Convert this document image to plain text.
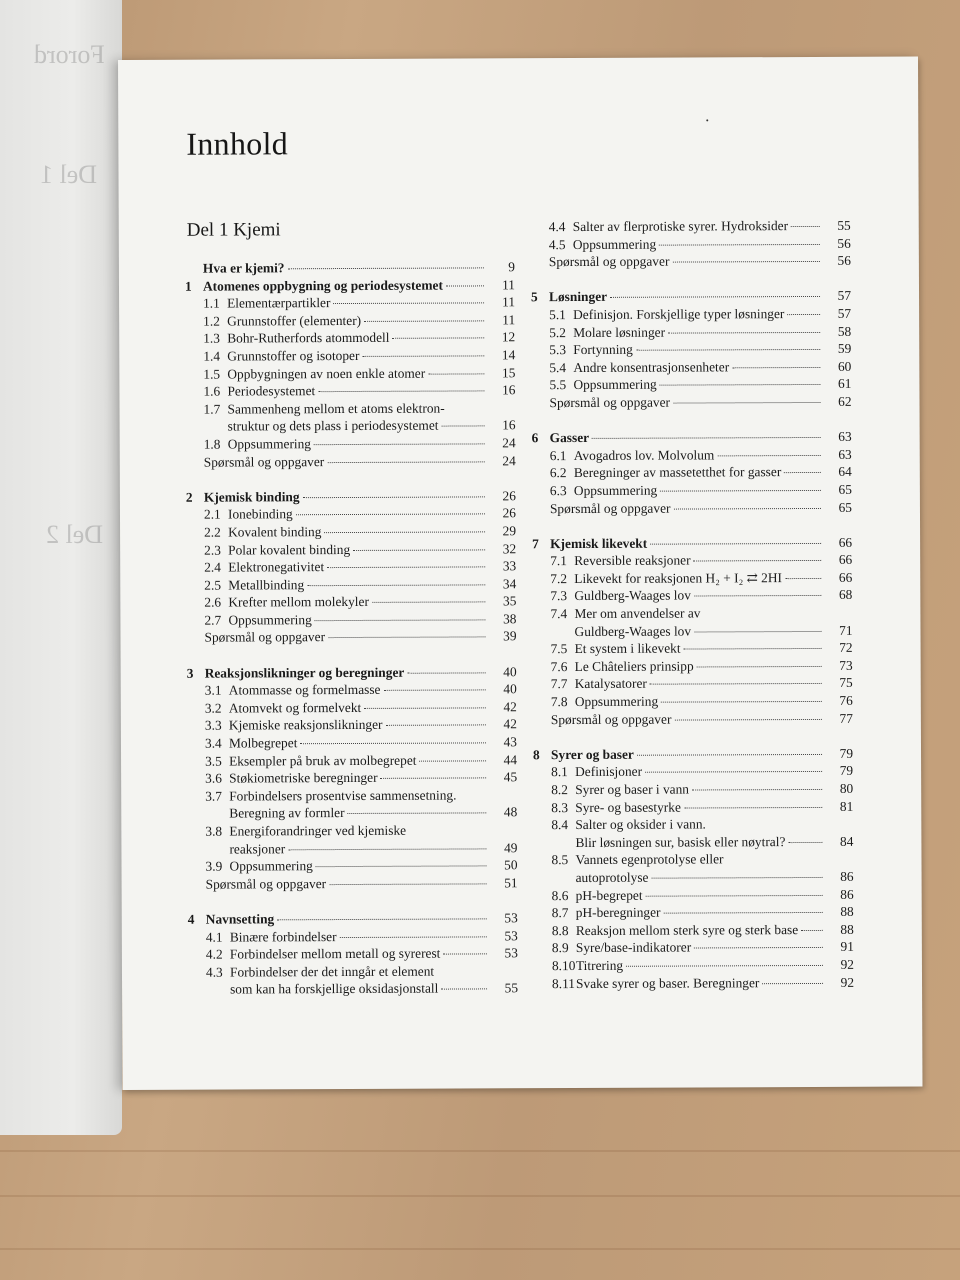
Forord
Del 1
Del 2
Innhold
Del 1 Kjemi
Hva er kjemi?	9
1 Atomenes oppbygning og periodesystemet	11
1.1 Elementærpartikler	11
1.2 Grunnstoffer (elementer)	11
1.3 Bohr-Rutherfords atommodell	12
1.4 Grunnstoffer og isotoper	14
1.5 Oppbygningen av noen enkle atomer	15
1.6 Periodesystemet	16
1.7 Sammenheng mellom et atoms elektron-
struktur og dets plass i periodesystemet	16
1.8 Oppsummering	24
Spørsmål og oppgaver	24
2 Kjemisk binding	26
2.1 Ionebinding	26
2.2 Kovalent binding	29
2.3 Polar kovalent binding	32
2.4 Elektronegativitet	33
2.5 Metallbinding	34
2.6 Krefter mellom molekyler	35
2.7 Oppsummering	38
Spørsmål og oppgaver	39
3 Reaksjonslikninger og beregninger	40
3.1 Atommasse og formelmasse	40
3.2 Atomvekt og formelvekt	42
3.3 Kjemiske reaksjonslikninger	42
3.4 Molbegrepet	43
3.5 Eksempler på bruk av molbegrepet	44
3.6 Støkiometriske beregninger	45
3.7 Forbindelsers prosentvise sammensetning.
Beregning av formler	48
3.8 Energiforandringer ved kjemiske
reaksjoner	49
3.9 Oppsummering	50
Spørsmål og oppgaver	51
4 Navnsetting	53
4.1 Binære forbindelser	53
4.2 Forbindelser mellom metall og syrerest	53
4.3 Forbindelser der det inngår et element
som kan ha forskjellige oksidasjonstall	55
4.4 Salter av flerprotiske syrer. Hydroksider	55
4.5 Oppsummering	56
Spørsmål og oppgaver	56
5 Løsninger	57
5.1 Definisjon. Forskjellige typer løsninger	57
5.2 Molare løsninger	58
5.3 Fortynning	59
5.4 Andre konsentrasjonsenheter	60
5.5 Oppsummering	61
Spørsmål og oppgaver	62
6 Gasser	63
6.1 Avogadros lov. Molvolum	63
6.2 Beregninger av massetetthet for gasser	64
6.3 Oppsummering	65
Spørsmål og oppgaver	65
7 Kjemisk likevekt	66
7.1 Reversible reaksjoner	66
7.2 Likevekt for reaksjonen H₂ + I₂ ⇄ 2HI	66
7.3 Guldberg-Waages lov	68
7.4 Mer om anvendelser av
Guldberg-Waages lov	71
7.5 Et system i likevekt	72
7.6 Le Châteliers prinsipp	73
7.7 Katalysatorer	75
7.8 Oppsummering	76
Spørsmål og oppgaver	77
8 Syrer og baser	79
8.1 Definisjoner	79
8.2 Syrer og baser i vann	80
8.3 Syre- og basestyrke	81
8.4 Salter og oksider i vann.
Blir løsningen sur, basisk eller nøytral?	84
8.5 Vannets egenprotolyse eller
autoprotolyse	86
8.6 pH-begrepet	86
8.7 pH-beregninger	88
8.8 Reaksjon mellom sterk syre og sterk base	88
8.9 Syre/base-indikatorer	91
8.10 Titrering	92
8.11 Svake syrer og baser. Beregninger	92
